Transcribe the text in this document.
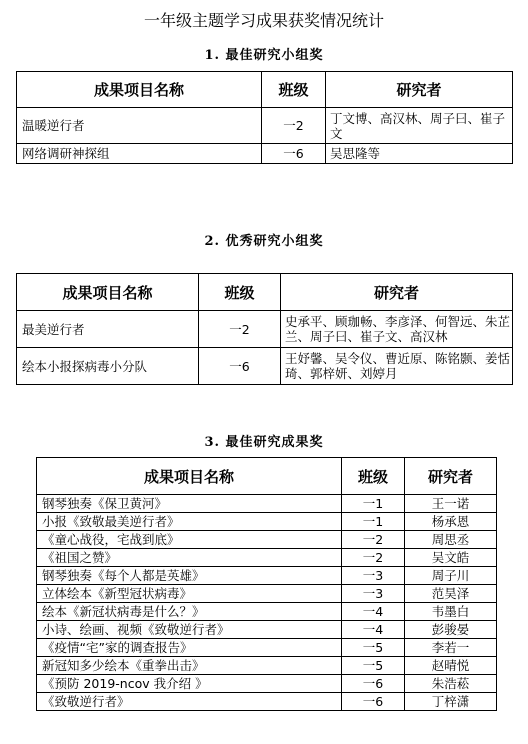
一年级主题学习成果获奖情况统计
1. 最佳研究小组奖
成果项目名称	班级	研究者
温暖逆行者	一2	丁文博、高汉林、周子曰、崔子文
网络调研神探组	一6	吴思隆等
2. 优秀研究小组奖
成果项目名称	班级	研究者
最美逆行者	一2	史承平、顾珈畅、李彦泽、何智远、朱芷兰、周子曰、崔子文、高汉林
绘本小报探病毒小分队	一6	王妤馨、吴令仪、曹近原、陈铭颢、姜恬琦、郭梓妍、刘婷月
3. 最佳研究成果奖
成果项目名称	班级	研究者
钢琴独奏《保卫黄河》	一1	王一诺
小报《致敬最美逆行者》	一1	杨承恩
《童心战役，宅战到底》	一2	周思丞
《祖国之赞》	一2	吴文皓
钢琴独奏《每个人都是英雄》	一3	周子川
立体绘本《新型冠状病毒》	一3	范昊泽
绘本《新冠状病毒是什么？》	一4	韦墨白
小诗、绘画、视频《致敬逆行者》	一4	彭骏晏
《疫情“宅”家的调查报告》	一5	李若一
新冠知多少绘本《重拳出击》	一5	赵晴悦
《预防 2019-ncov 我介绍 》	一6	朱浩菘
《致敬逆行者》	一6	丁梓潇
